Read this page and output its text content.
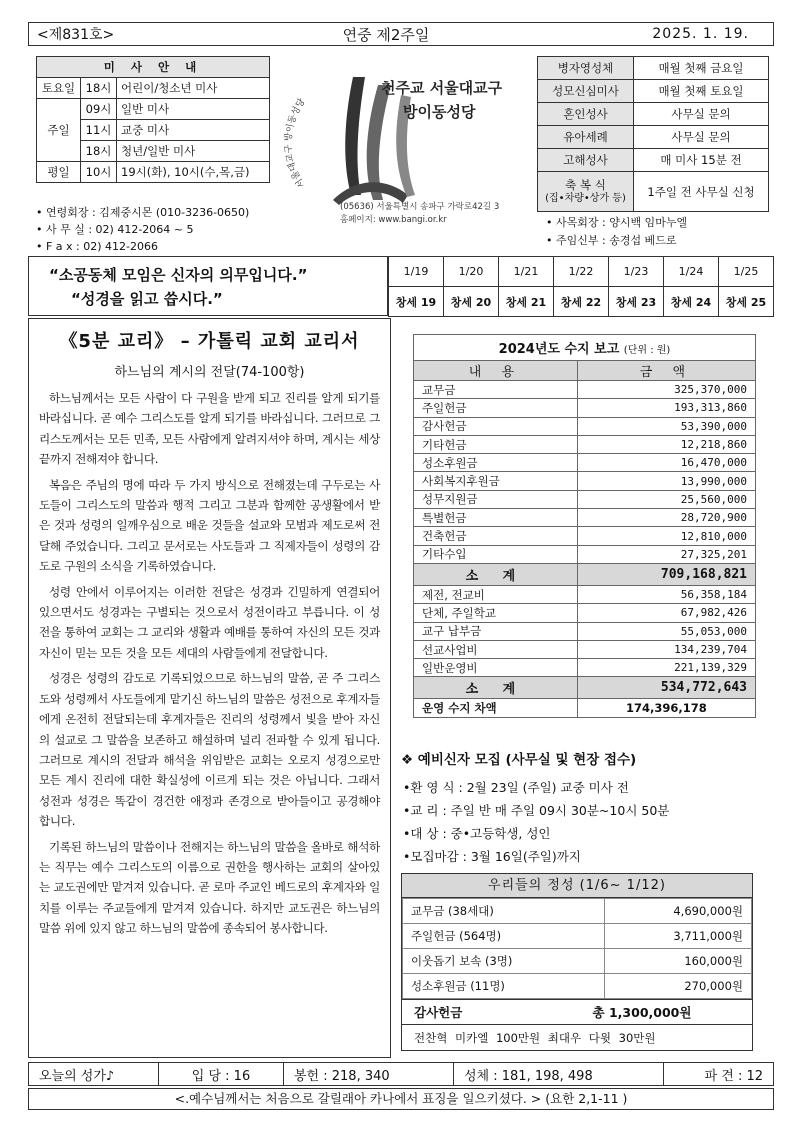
<제831호>	연중 제2주일	2025. 1. 19.
미 사 안 내		
토요일	18시	어린이/청소년 미사
주일	09시	일반 미사
	11시	교중 미사
	18시	청년/일반 미사
평일	10시	19시(화), 10시(수,목,금)
• 연령회장 : 김제중시몬 (010-3236-0650)
• 사 무 실 : 02) 412-2064 ~ 5
• F a x : 02) 412-2066
서울대교구 방이동성당
천주교 서울대교구
방이동성당
(05636) 서울특별시 송파구 가락로42길 3
홈페이지: www.bangi.or.kr
병자영성체	매월 첫째 금요일
성모신심미사	매월 첫째 토요일
혼인성사	사무실 문의
유아세례	사무실 문의
고해성사	매 미사 15분 전

축 복 식
(집•차량•상가 등)	1주일 전 사무실 신청
• 사목회장 : 양시백 임마누엘
• 주임신부 : 송경섭 베드로
“소공동체 모임은 신자의 의무입니다.”
“성경을 읽고 씁시다.”
1/19	1/20	1/21	1/22	1/23	1/24	1/25
창세 19	창세 20	창세 21	창세 22	창세 23	창세 24	창세 25
《5분 교리》 – 가톨릭 교회 교리서
하느님의 계시의 전달(74-100항)

하느님께서는 모든 사람이 다 구원을 받게 되고 진리를 알게 되기를 바라십니다. 곧 예수 그리스도를 알게 되기를 바라십니다. 그러므로 그리스도께서는 모든 민족, 모든 사람에게 알려지셔야 하며, 계시는 세상 끝까지 전해져야 합니다.

복음은 주님의 명에 따라 두 가지 방식으로 전해졌는데 구두로는 사도들이 그리스도의 말씀과 행적 그리고 그분과 함께한 공생활에서 받은 것과 성령의 일깨우심으로 배운 것들을 설교와 모범과 제도로써 전달해 주었습니다. 그리고 문서로는 사도들과 그 직제자들이 성령의 감도로 구원의 소식을 기록하였습니다.

성령 안에서 이루어지는 이러한 전달은 성경과 긴밀하게 연결되어 있으면서도 성경과는 구별되는 것으로서 성전이라고 부릅니다. 이 성전을 통하여 교회는 그 교리와 생활과 예배를 통하여 자신의 모든 것과 자신이 믿는 모든 것을 모든 세대의 사람들에게 전달합니다.

성경은 성령의 감도로 기록되었으므로 하느님의 말씀, 곧 주 그리스도와 성령께서 사도들에게 맡기신 하느님의 말씀은 성전으로 후계자들에게 온전히 전달되는데 후계자들은 진리의 성령께서 빛을 받아 자신의 설교로 그 말씀을 보존하고 해설하며 널리 전파할 수 있게 됩니다. 그러므로 계시의 전달과 해석을 위임받은 교회는 오로지 성경으로만 모든 계시 진리에 대한 확실성에 이르게 되는 것은 아닙니다. 그래서 성전과 성경은 똑같이 경건한 애정과 존경으로 받아들이고 공경해야 합니다.

기록된 하느님의 말씀이나 전해지는 하느님의 말씀을 올바로 해석하는 직무는 예수 그리스도의 이름으로 권한을 행사하는 교회의 살아있는 교도권에만 맡겨져 있습니다. 곧 로마 주교인 베드로의 후계자와 일치를 이루는 주교들에게 맡겨져 있습니다. 하지만 교도권은 하느님의 말씀 위에 있지 않고 하느님의 말씀에 종속되어 봉사합니다.

2024년도 수지 보고 (단위 : 원)	
내 용	금 액
교무금	325,370,000
주일헌금	193,313,860
감사헌금	53,390,000
기타헌금	12,218,860
성소후원금	16,470,000
사회복지후원금	13,990,000
성무지원금	25,560,000
특별헌금	28,720,900
건축헌금	12,810,000
기타수입	27,325,201
소 계	709,168,821
제전, 전교비	56,358,184
단체, 주일학교	67,982,426
교구 납부금	55,053,000
선교사업비	134,239,704
일반운영비	221,139,329
소 계	534,772,643
운영 수지 차액	174,396,178
❖ 예비신자 모집 (사무실 및 현장 접수)
•환 영 식 : 2월 23일 (주일) 교중 미사 전
•교 리 : 주일 반 매 주일 09시 30분~10시 50분
•대 상 : 중•고등학생, 성인
•모집마감 : 3월 16일(주일)까지
우리들의 정성 (1/6~ 1/12)
교무금 (38세대)	4,690,000원
주일헌금 (564명)	3,711,000원
이웃돕기 보속 (3명)	160,000원
성소후원금 (11명)	270,000원
감사헌금	총 1,300,000원
전찬혁 미카엘 100만원 최대우 다윗 30만원
오늘의 성가♪	입 당 : 16	봉헌 : 218, 340	성체 : 181, 198, 498	파 견 : 12
<.예수님께서는 처음으로 갈릴래아 카나에서 표징을 일으키셨다. > (요한 2,1-11 )
